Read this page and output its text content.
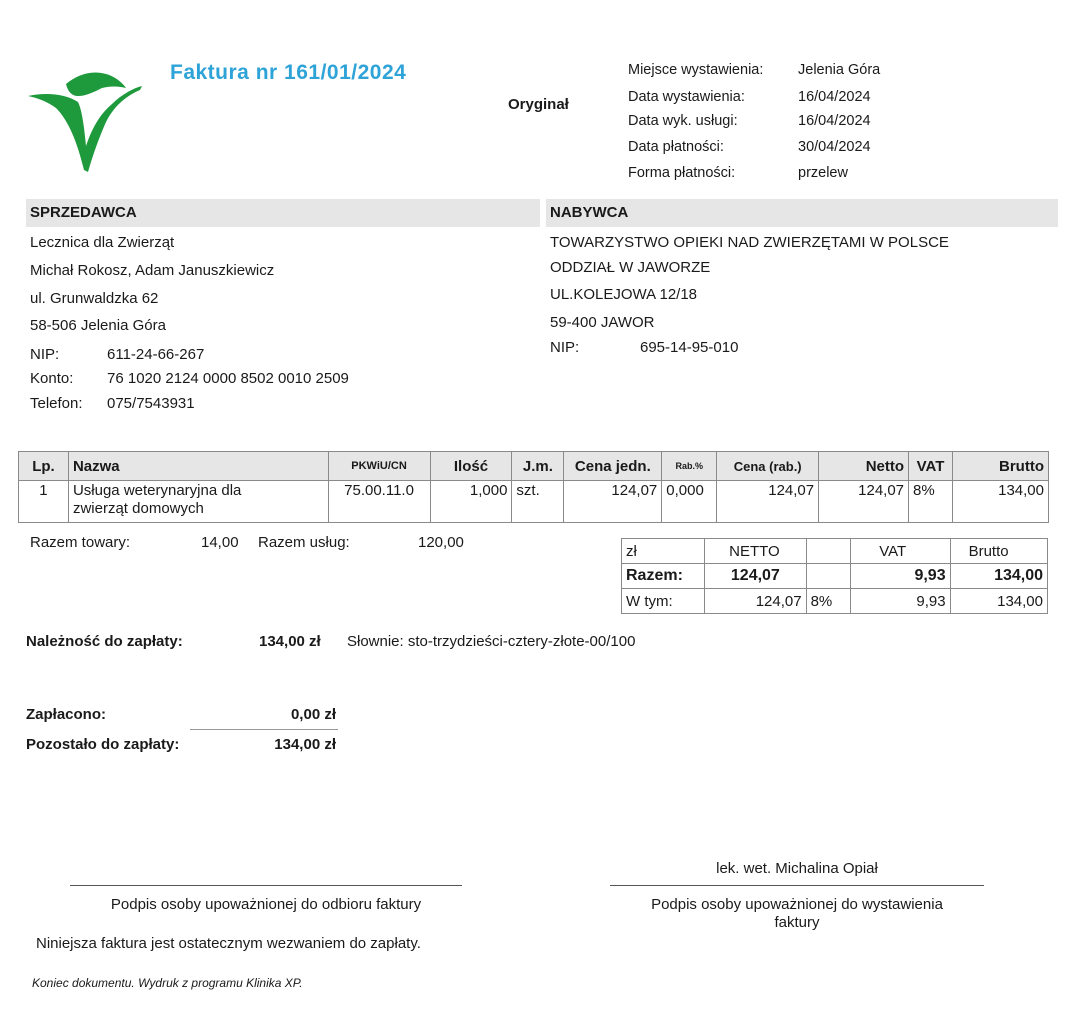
Faktura nr 161/01/2024
Oryginał
Miejsce wystawienia: Jelenia Góra
Data wystawienia:	16/04/2024
Data wyk. usługi:	16/04/2024
Data płatności:	30/04/2024
Forma płatności:	przelew
SPRZEDAWCA	NABYWCA
Lecznica dla Zwierząt
Michał Rokosz, Adam Januszkiewicz
ul. Grunwaldzka 62
58-506 Jelenia Góra
NIP:	611-24-66-267
Konto: 76 1020 2124 0000 8502 0010 2509
Telefon: 075/7543931
TOWARZYSTWO OPIEKI NAD ZWIERZĘTAMI W POLSCE
ODDZIAŁ W JAWORZE
UL.KOLEJOWA 12/18
59-400 JAWOR
NIP:	695-14-95-010
Lp.	Nazwa	PKWiU/CN	Ilość	J.m.	Cena jedn.	Rab.%	Cena (rab.)	Netto	VAT	Brutto
1	Usługa weterynaryjna dla
zwierząt domowych	75.00.11.0	1,000	szt.	124,07	0,000	124,07	124,07	8%	134,00
Razem towary:	14,00 Razem usług:	120,00	zł	NETTO		VAT	Brutto
Razem:	124,07		9,93	134,00
W tym:	124,07	8%	9,93	134,00
Należność do zapłaty:	134,00 zł Słownie: sto-trzydzieści-cztery-złote-00/100
Zapłacono:	0,00 zł
Pozostało do zapłaty:	134,00 zł
lek. wet. Michalina Opiał
Podpis osoby upoważnionej do odbioru faktury	Podpis osoby upoważnionej do wystawienia
faktury
Niniejsza faktura jest ostatecznym wezwaniem do zapłaty.
Koniec dokumentu. Wydruk z programu Klinika XP.
